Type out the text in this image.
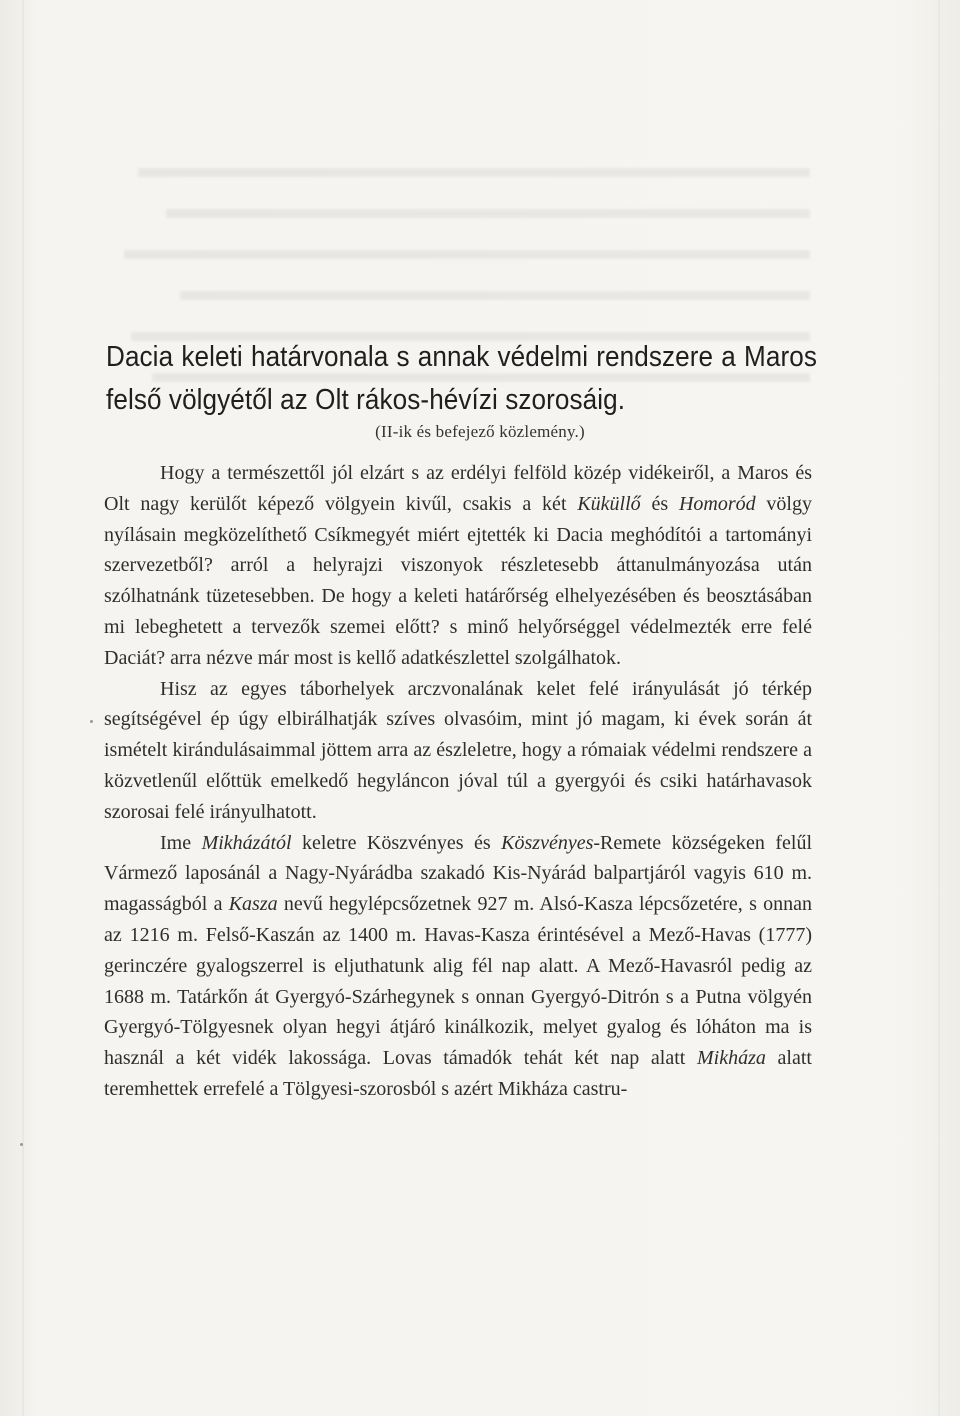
Dacia keleti határvonala s annak védelmi rendszere a Maros felső völgyétől az Olt rákos-hévízi szorosáig.
(II-ik és befejező közlemény.)

Hogy a természettől jól elzárt s az erdélyi felföld közép vidékeiről, a Maros és Olt nagy kerülőt képező völgyein kivűl, csakis a két Küküllő és Homoród völgy nyílásain megközelíthető Csíkmegyét miért ejtették ki Dacia meghódítói a tartományi szervezetből? arról a helyrajzi viszonyok részletesebb áttanulmányozása után szólhatnánk tüzetesebben. De hogy a keleti határőrség elhelyezésében és beosztásában mi lebeghetett a tervezők szemei előtt? s minő helyőrséggel védelmezték erre felé Daciát? arra nézve már most is kellő adatkészlettel szolgálhatok.

Hisz az egyes táborhelyek arczvonalának kelet felé irányulását jó térkép segítségével ép úgy elbirálhatják szíves olvasóim, mint jó magam, ki évek során át ismételt kirándulásaimmal jöttem arra az észleletre, hogy a rómaiak védelmi rendszere a közvetlenűl előttük emelkedő hegyláncon jóval túl a gyergyói és csiki határhavasok szorosai felé irányulhatott.

Ime Mikházától keletre Köszvényes és Köszvényes-Remete községeken felűl Vármező laposánál a Nagy-Nyárádba szakadó Kis-Nyárád balpartjáról vagyis 610 m. magasságból a Kasza nevű hegylépcsőzetnek 927 m. Alsó-Kasza lépcsőzetére, s onnan az 1216 m. Felső-Kaszán az 1400 m. Havas-Kasza érintésével a Mező-Havas (1777) gerinczére gyalogszerrel is eljuthatunk alig fél nap alatt. A Mező-Havasról pedig az 1688 m. Tatárkőn át Gyergyó-Szárhegynek s onnan Gyergyó-Ditrón s a Putna völgyén Gyergyó-Tölgyesnek olyan hegyi átjáró kinálkozik, melyet gyalog és lóháton ma is használ a két vidék lakossága. Lovas támadók tehát két nap alatt Mikháza alatt teremhettek errefelé a Tölgyesi-szorosból s azért Mikháza castru-
